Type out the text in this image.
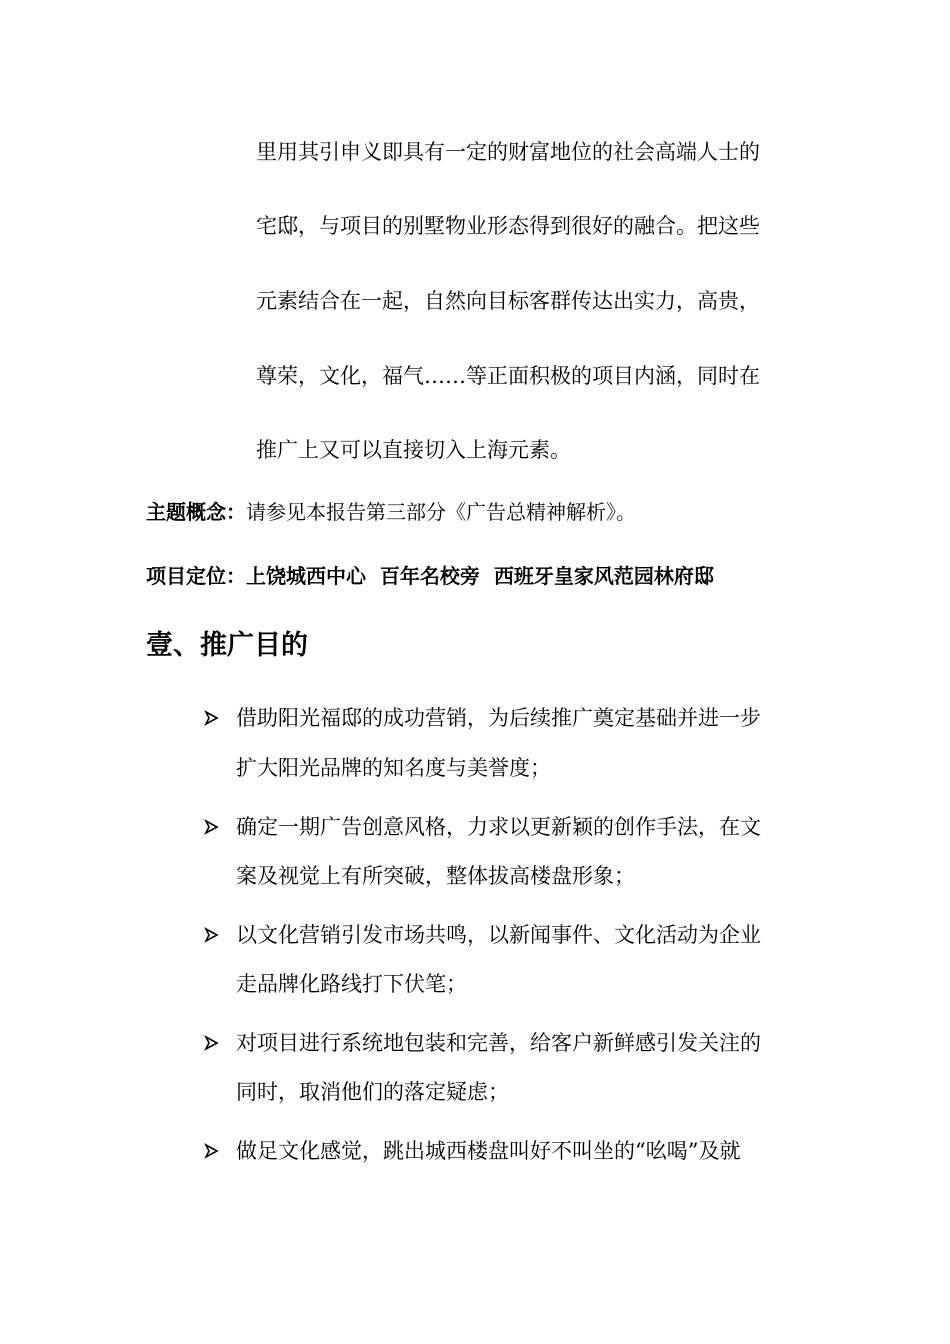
里用其引申义即具有一定的财富地位的社会高端人士的
宅邸，与项目的别墅物业形态得到很好的融合。把这些
元素结合在一起，自然向目标客群传达出实力，高贵，
尊荣，文化，福气……等正面积极的项目内涵，同时在
推广上又可以直接切入上海元素。
主题概念：请参见本报告第三部分《广告总精神解析》。
项目定位：上饶城西中心  百年名校旁  西班牙皇家风范园林府邸
壹、推广目的
借助阳光福邸的成功营销，为后续推广奠定基础并进一步
扩大阳光品牌的知名度与美誉度；
确定一期广告创意风格，力求以更新颖的创作手法，在文
案及视觉上有所突破，整体拔高楼盘形象；
以文化营销引发市场共鸣，以新闻事件、文化活动为企业
走品牌化路线打下伏笔；
对项目进行系统地包装和完善，给客户新鲜感引发关注的
同时，取消他们的落定疑虑；
做足文化感觉，跳出城西楼盘叫好不叫坐的“吆喝”及就
